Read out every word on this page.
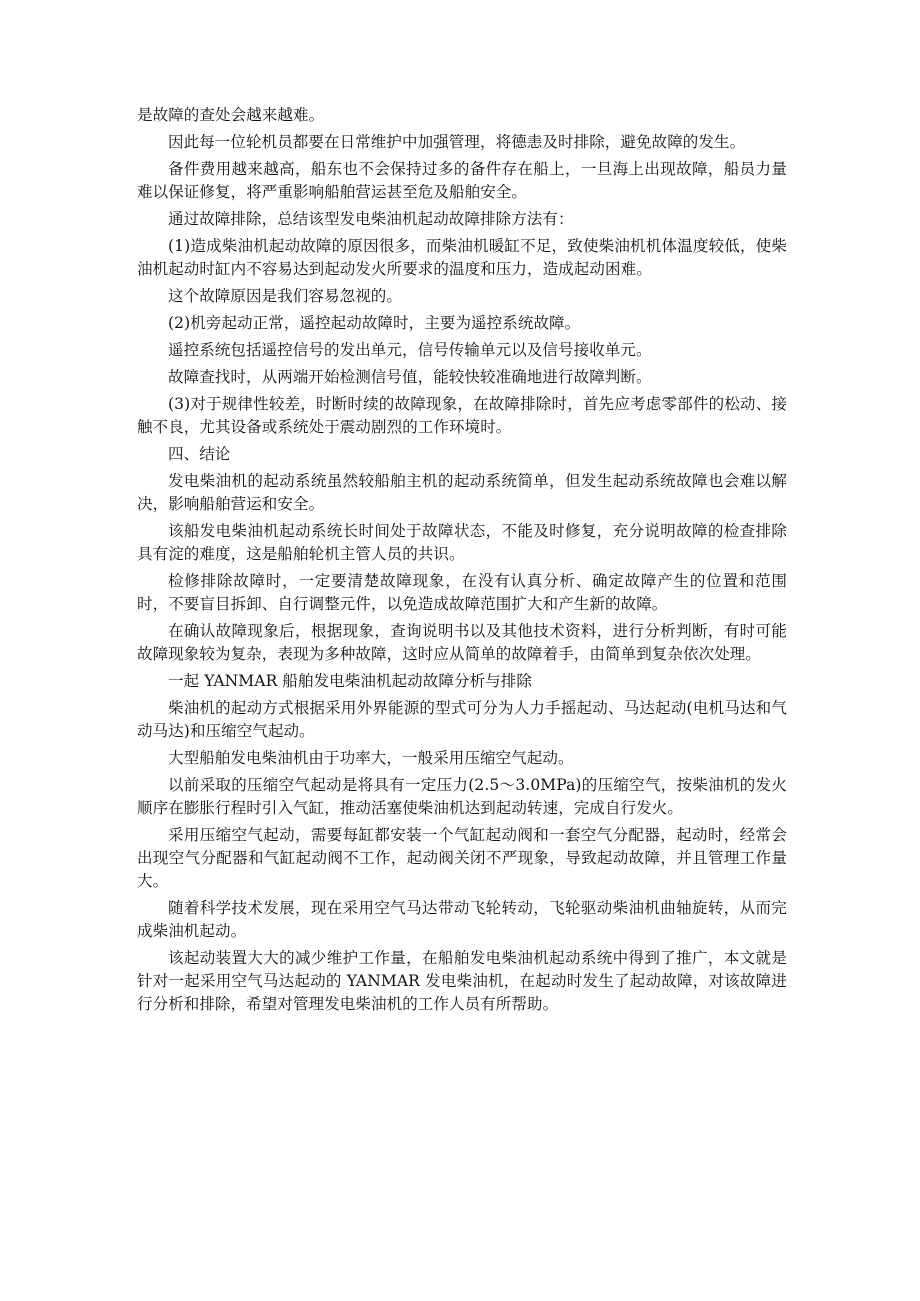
是故障的查处会越来越难。

因此每一位轮机员都要在日常维护中加强管理，将德恚及时排除，避免故障的发生。

备件费用越来越高，船东也不会保持过多的备件存在船上，一旦海上出现故障，船员力量难以保证修复，将严重影响船舶营运甚至危及船舶安全。

通过故障排除，总结该型发电柴油机起动故障排除方法有：

(1)造成柴油机起动故障的原因很多，而柴油机暖缸不足，致使柴油机机体温度较低，使柴油机起动时缸内不容易达到起动发火所要求的温度和压力，造成起动困难。

这个故障原因是我们容易忽视的。

(2)机旁起动正常，遥控起动故障时，主要为遥控系统故障。

遥控系统包括遥控信号的发出单元，信号传输单元以及信号接收单元。

故障查找时，从两端开始检测信号值，能较快较准确地进行故障判断。

(3)对于规律性较差，时断时续的故障现象，在故障排除时，首先应考虑零部件的松动、接触不良，尤其设备或系统处于震动剧烈的工作环境时。

四、结论

发电柴油机的起动系统虽然较船舶主机的起动系统简单，但发生起动系统故障也会难以解决，影响船舶营运和安全。

该船发电柴油机起动系统长时间处于故障状态，不能及时修复，充分说明故障的检查排除具有淀的难度，这是船舶轮机主管人员的共识。

检修排除故障时，一定要清楚故障现象，在没有认真分析、确定故障产生的位置和范围时，不要盲目拆卸、自行调整元件，以免造成故障范围扩大和产生新的故障。

在确认故障现象后，根据现象，查询说明书以及其他技术资料，进行分析判断，有时可能故障现象较为复杂，表现为多种故障，这时应从简单的故障着手，由简单到复杂依次处理。

一起 YANMAR 船舶发电柴油机起动故障分析与排除

柴油机的起动方式根据采用外界能源的型式可分为人力手摇起动、马达起动(电机马达和气动马达)和压缩空气起动。

大型船舶发电柴油机由于功率大，一般采用压缩空气起动。

以前采取的压缩空气起动是将具有一定压力(2.5～3.0MPa)的压缩空气，按柴油机的发火顺序在膨胀行程时引入气缸，推动活塞使柴油机达到起动转速，完成自行发火。

采用压缩空气起动，需要每缸都安装一个气缸起动阀和一套空气分配器，起动时，经常会出现空气分配器和气缸起动阀不工作，起动阀关闭不严现象，导致起动故障，并且管理工作量大。

随着科学技术发展，现在采用空气马达带动飞轮转动，飞轮驱动柴油机曲轴旋转，从而完成柴油机起动。

该起动装置大大的减少维护工作量，在船舶发电柴油机起动系统中得到了推广，本文就是针对一起采用空气马达起动的 YANMAR 发电柴油机，在起动时发生了起动故障，对该故障进行分析和排除，希望对管理发电柴油机的工作人员有所帮助。
